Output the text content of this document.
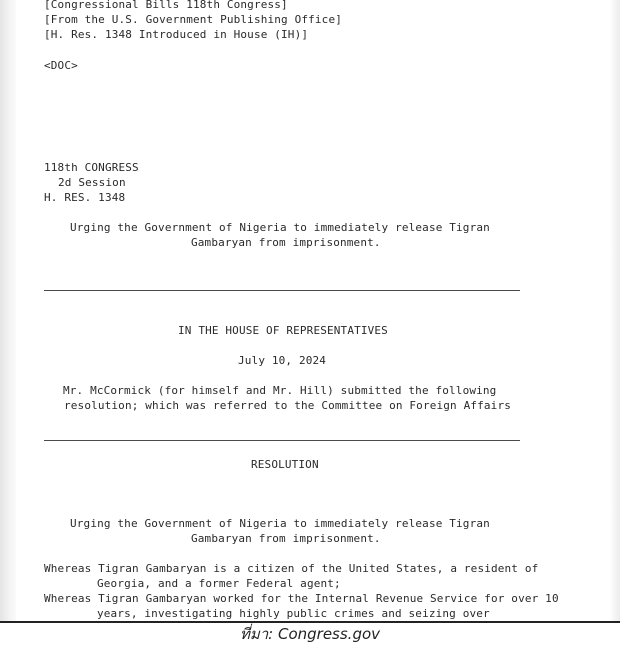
[Congressional Bills 118th Congress]

[From the U.S. Government Publishing Office]

[H. Res. 1348 Introduced in House (IH)]

<DOC>

118th CONGRESS

2d Session

H. RES. 1348

Urging the Government of Nigeria to immediately release Tigran

Gambaryan from imprisonment.

IN THE HOUSE OF REPRESENTATIVES

July 10, 2024

Mr. McCormick (for himself and Mr. Hill) submitted the following

resolution; which was referred to the Committee on Foreign Affairs

RESOLUTION

Urging the Government of Nigeria to immediately release Tigran

Gambaryan from imprisonment.

Whereas Tigran Gambaryan is a citizen of the United States, a resident of

Georgia, and a former Federal agent;

Whereas Tigran Gambaryan worked for the Internal Revenue Service for over 10

years, investigating highly public crimes and seizing over

ที่มา: Congress.gov
